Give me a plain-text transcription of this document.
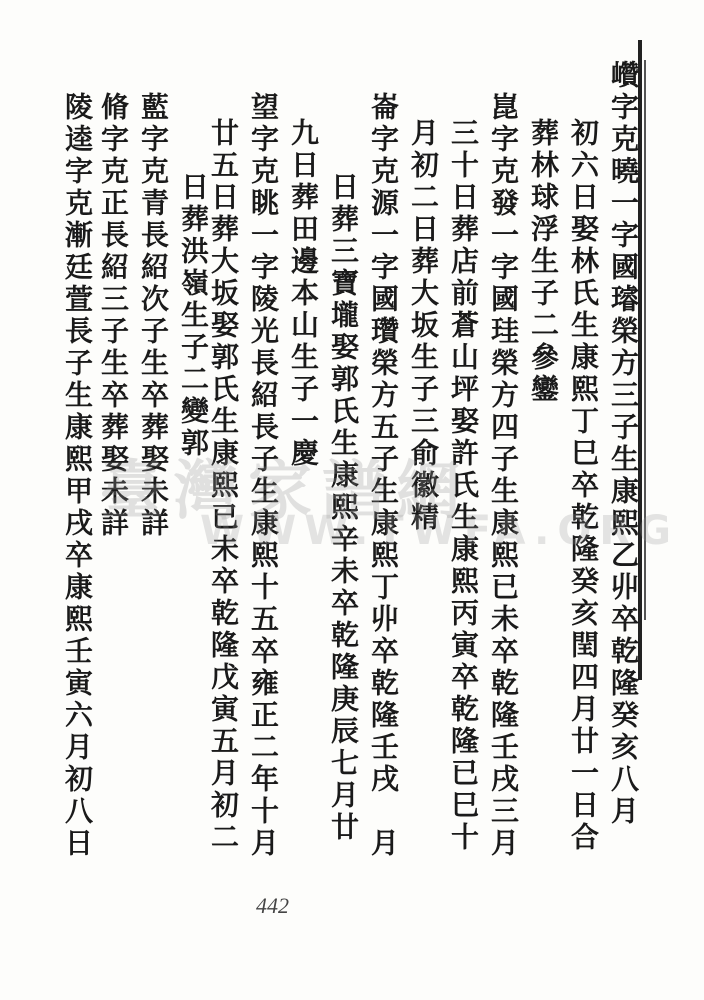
巑字克曉一字國璿榮方三子生康熙乙丱卒乾隆癸亥八月
初六日娶林氏生康熙丁巳卒乾隆癸亥閏四月廿一日合
葬林球浮生子二參鑾
崑字克發一字國珪榮方四子生康熙已未卒乾隆壬戌三月
三十日葬店前蒼山坪娶許氏生康熙丙寅卒乾隆已巳十
月初二日葬大坂生子三俞徽精
崙字克源一字國瓚榮方五子生康熙丁丱卒乾隆壬戌　月
日葬三寶壠娶郭氏生康熙辛未卒乾隆庚辰七月廿
九日葬田邊本山生子一慶
望字克眺一字陵光長紹長子生康熙十五卒雍正二年十月
廿五日葬大坂娶郭氏生康熙已未卒乾隆戊寅五月初二
日葬洪嶺生子二變郭
藍字克青長紹次子生卒葬娶未詳
脩字克正長紹三子生卒葬娶未詳
陵逵字克漸廷萱長子生康熙甲戌卒康熙壬寅六月初八日 臺灣家譜網
WWW.TWFA.ORG
442
